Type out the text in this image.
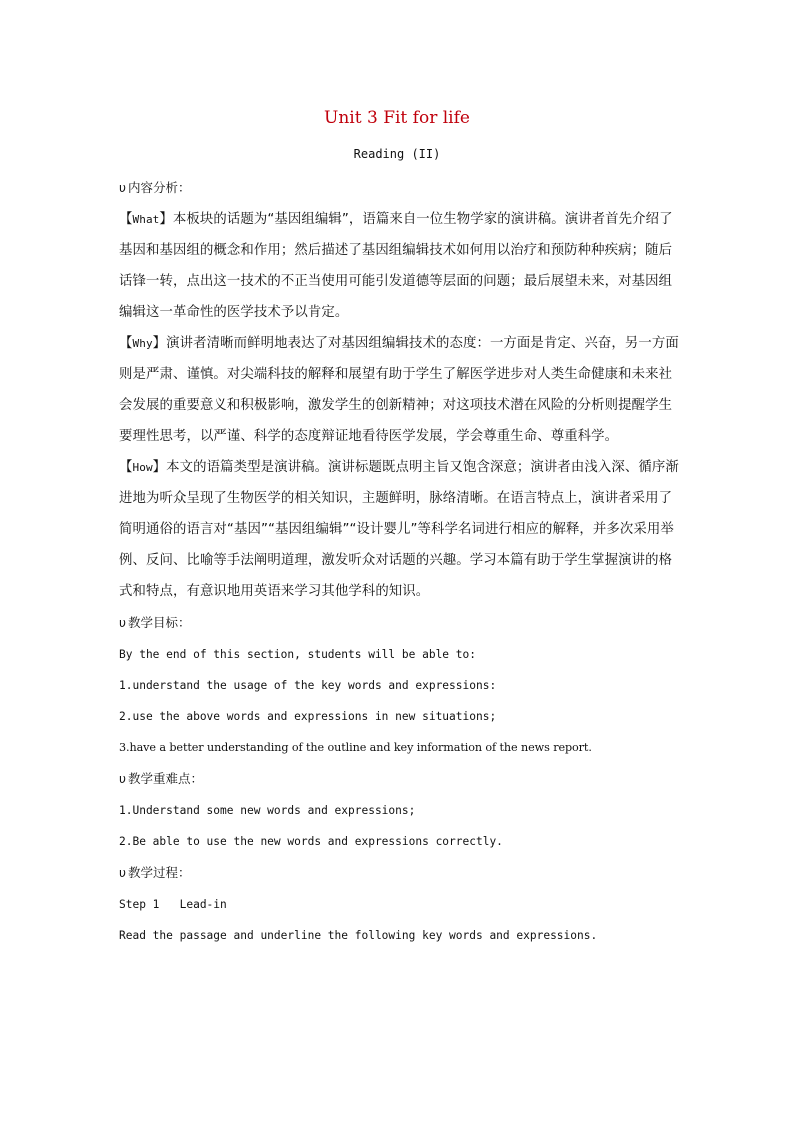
Unit 3 Fit for life
Reading (II)
υ 内容分析：
【What】本板块的话题为“基因组编辑”，语篇来自一位生物学家的演讲稿。演讲者首先介绍了基因和基因组的概念和作用；然后描述了基因组编辑技术如何用以治疗和预防种种疾病；随后话锋一转，点出这一技术的不正当使用可能引发道德等层面的问题；最后展望未来，对基因组编辑这一革命性的医学技术予以肯定。
【Why】演讲者清晰而鲜明地表达了对基因组编辑技术的态度：一方面是肯定、兴奋，另一方面则是严肃、谨慎。对尖端科技的解释和展望有助于学生了解医学进步对人类生命健康和未来社会发展的重要意义和积极影响，激发学生的创新精神；对这项技术潜在风险的分析则提醒学生要理性思考，以严谨、科学的态度辩证地看待医学发展，学会尊重生命、尊重科学。
【How】本文的语篇类型是演讲稿。演讲标题既点明主旨又饱含深意；演讲者由浅入深、循序渐进地为听众呈现了生物医学的相关知识，主题鲜明，脉络清晰。在语言特点上，演讲者采用了简明通俗的语言对“基因”“基因组编辑”“设计婴儿”等科学名词进行相应的解释，并多次采用举例、反问、比喻等手法阐明道理，激发听众对话题的兴趣。学习本篇有助于学生掌握演讲的格式和特点，有意识地用英语来学习其他学科的知识。
υ 教学目标：
By the end of this section, students will be able to:
1.understand the usage of the key words and expressions:
2.use the above words and expressions in new situations;
3.have a better understanding of the outline and key information of the news report.
υ 教学重难点：
1.Understand some new words and expressions;
2.Be able to use the new words and expressions correctly.
υ 教学过程：
Step 1   Lead-in
Read the passage and underline the following key words and expressions.
